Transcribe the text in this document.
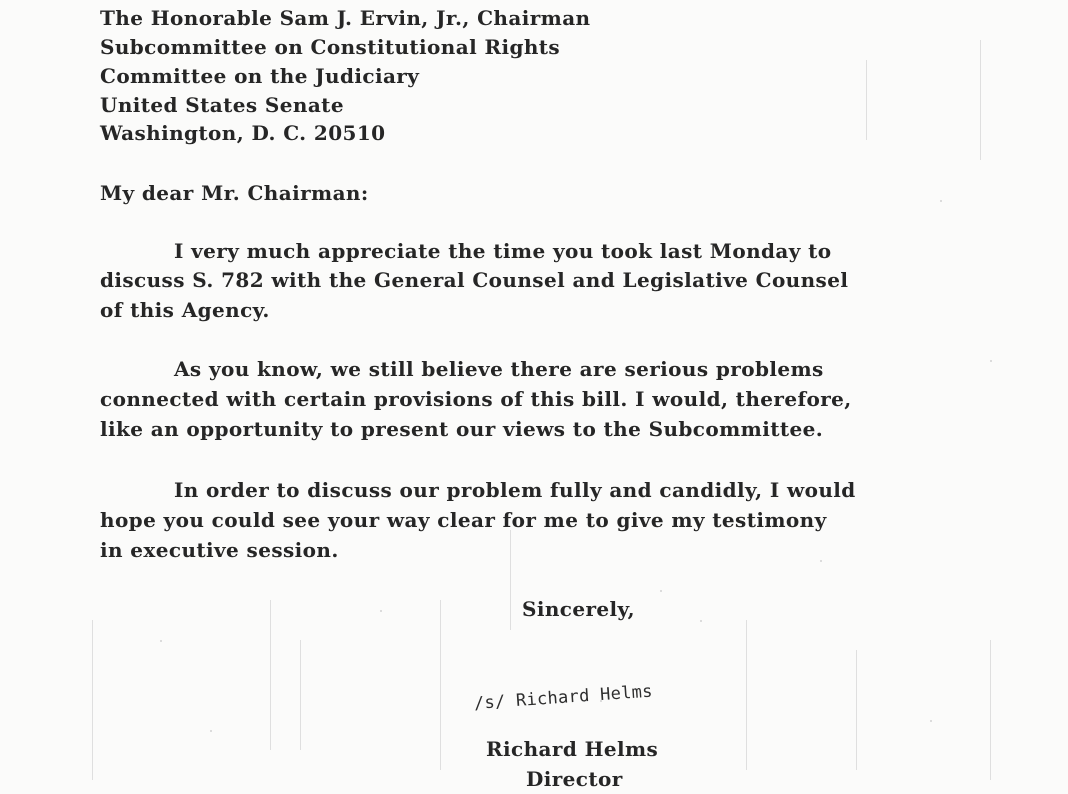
The Honorable Sam J. Ervin, Jr., Chairman
Subcommittee on Constitutional Rights
Committee on the Judiciary
United States Senate
Washington, D. C. 20510
My dear Mr. Chairman:
I very much appreciate the time you took last Monday to
discuss S. 782 with the General Counsel and Legislative Counsel
of this Agency.
As you know, we still believe there are serious problems
connected with certain provisions of this bill. I would, therefore,
like an opportunity to present our views to the Subcommittee.
In order to discuss our problem fully and candidly, I would
hope you could see your way clear for me to give my testimony
in executive session.
Sincerely,
/s/ Richard Helms
Richard Helms
Director
